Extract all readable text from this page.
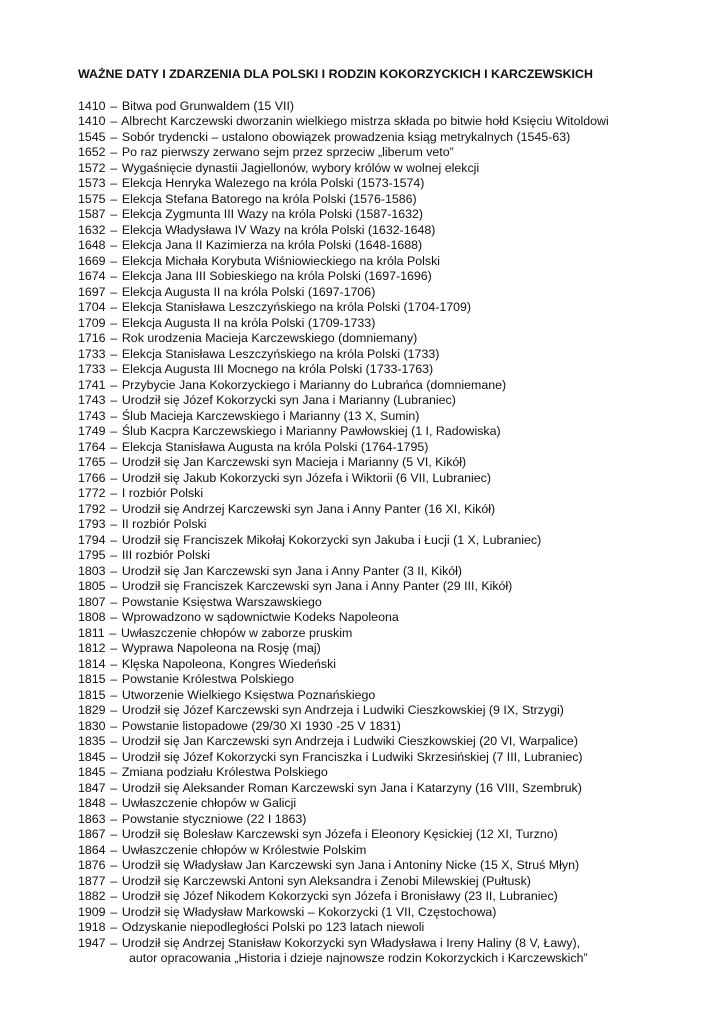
WAŻNE DATY I ZDARZENIA DLA POLSKI I RODZIN KOKORZYCKICH I KARCZEWSKICH
1410 – Bitwa pod Grunwaldem (15 VII)
1410 – Albrecht Karczewski dworzanin wielkiego mistrza składa po bitwie hołd Księciu Witoldowi
1545 – Sobór trydencki – ustalono obowiązek prowadzenia ksiąg metrykalnych (1545-63)
1652 – Po raz pierwszy zerwano sejm przez sprzeciw „liberum veto”
1572 – Wygaśnięcie dynastii Jagiellonów, wybory królów w wolnej elekcji
1573 – Elekcja Henryka Walezego na króla Polski (1573-1574)
1575 – Elekcja Stefana Batorego na króla Polski (1576-1586)
1587 – Elekcja Zygmunta III Wazy na króla Polski (1587-1632)
1632 – Elekcja Władysława IV Wazy na króla Polski (1632-1648)
1648 – Elekcja Jana II Kazimierza na króla Polski (1648-1688)
1669 – Elekcja Michała Korybuta Wiśniowieckiego na króla Polski
1674 – Elekcja Jana III Sobieskiego na króla Polski (1697-1696)
1697 – Elekcja Augusta II na króla Polski (1697-1706)
1704 – Elekcja Stanisława Leszczyńskiego na króla Polski (1704-1709)
1709 – Elekcja Augusta II na króla Polski (1709-1733)
1716 – Rok urodzenia Macieja Karczewskiego (domniemany)
1733 – Elekcja Stanisława Leszczyńskiego na króla Polski (1733)
1733 – Elekcja Augusta III Mocnego na króla Polski (1733-1763)
1741 – Przybycie Jana Kokorzyckiego i Marianny do Lubrańca (domniemane)
1743 – Urodził się Józef Kokorzycki syn Jana i Marianny (Lubraniec)
1743 – Ślub Macieja Karczewskiego i Marianny (13 X, Sumin)
1749 – Ślub Kacpra Karczewskiego i Marianny Pawłowskiej (1 I, Radowiska)
1764 – Elekcja Stanisława Augusta na króla Polski (1764-1795)
1765 – Urodził się Jan Karczewski syn Macieja i Marianny (5 VI, Kikół)
1766 – Urodził się Jakub Kokorzycki syn Józefa i Wiktorii (6 VII, Lubraniec)
1772 – I rozbiór Polski
1792 – Urodził się Andrzej Karczewski syn Jana i Anny Panter (16 XI, Kikół)
1793 – II rozbiór Polski
1794 – Urodził się Franciszek Mikołaj Kokorzycki syn Jakuba i Łucji (1 X, Lubraniec)
1795 – III rozbiór Polski
1803 – Urodził się Jan Karczewski syn Jana i Anny Panter (3 II, Kikół)
1805 – Urodził się Franciszek Karczewski syn Jana i Anny Panter (29 III, Kikół)
1807 – Powstanie Księstwa Warszawskiego
1808 – Wprowadzono w sądownictwie Kodeks Napoleona
1811 – Uwłaszczenie chłopów w zaborze pruskim
1812 – Wyprawa Napoleona na Rosję (maj)
1814 – Klęska Napoleona, Kongres Wiedeński
1815 – Powstanie Królestwa Polskiego
1815 – Utworzenie Wielkiego Księstwa Poznańskiego
1829 – Urodził się Józef Karczewski syn Andrzeja i Ludwiki Cieszkowskiej (9 IX, Strzygi)
1830 – Powstanie listopadowe (29/30 XI 1930 -25 V 1831)
1835 – Urodził się Jan Karczewski syn Andrzeja i Ludwiki Cieszkowskiej (20 VI, Warpalice)
1845 – Urodził się Józef Kokorzycki syn Franciszka i Ludwiki Skrzesińskiej (7 III, Lubraniec)
1845 – Zmiana podziału Królestwa Polskiego
1847 – Urodził się Aleksander Roman Karczewski syn Jana i Katarzyny (16 VIII, Szembruk)
1848 – Uwłaszczenie chłopów w Galicji
1863 – Powstanie styczniowe (22 I 1863)
1867 – Urodził się Bolesław Karczewski syn Józefa i Eleonory Kęsickiej (12 XI, Turzno)
1864 – Uwłaszczenie chłopów w Królestwie Polskim
1876 – Urodził się Władysław Jan Karczewski syn Jana i Antoniny Nicke (15 X, Struś Młyn)
1877 – Urodził się Karczewski Antoni syn Aleksandra i Zenobi Milewskiej (Pułtusk)
1882 – Urodził się Józef Nikodem Kokorzycki syn Józefa i Bronisławy (23 II, Lubraniec)
1909 – Urodził się Władysław Markowski – Kokorzycki (1 VII, Częstochowa)
1918 – Odzyskanie niepodległości Polski po 123 latach niewoli
1947 – Urodził się Andrzej Stanisław Kokorzycki syn Władysława i Ireny Haliny (8 V, Ławy),
autor opracowania „Historia i dzieje najnowsze rodzin Kokorzyckich i Karczewskich”
